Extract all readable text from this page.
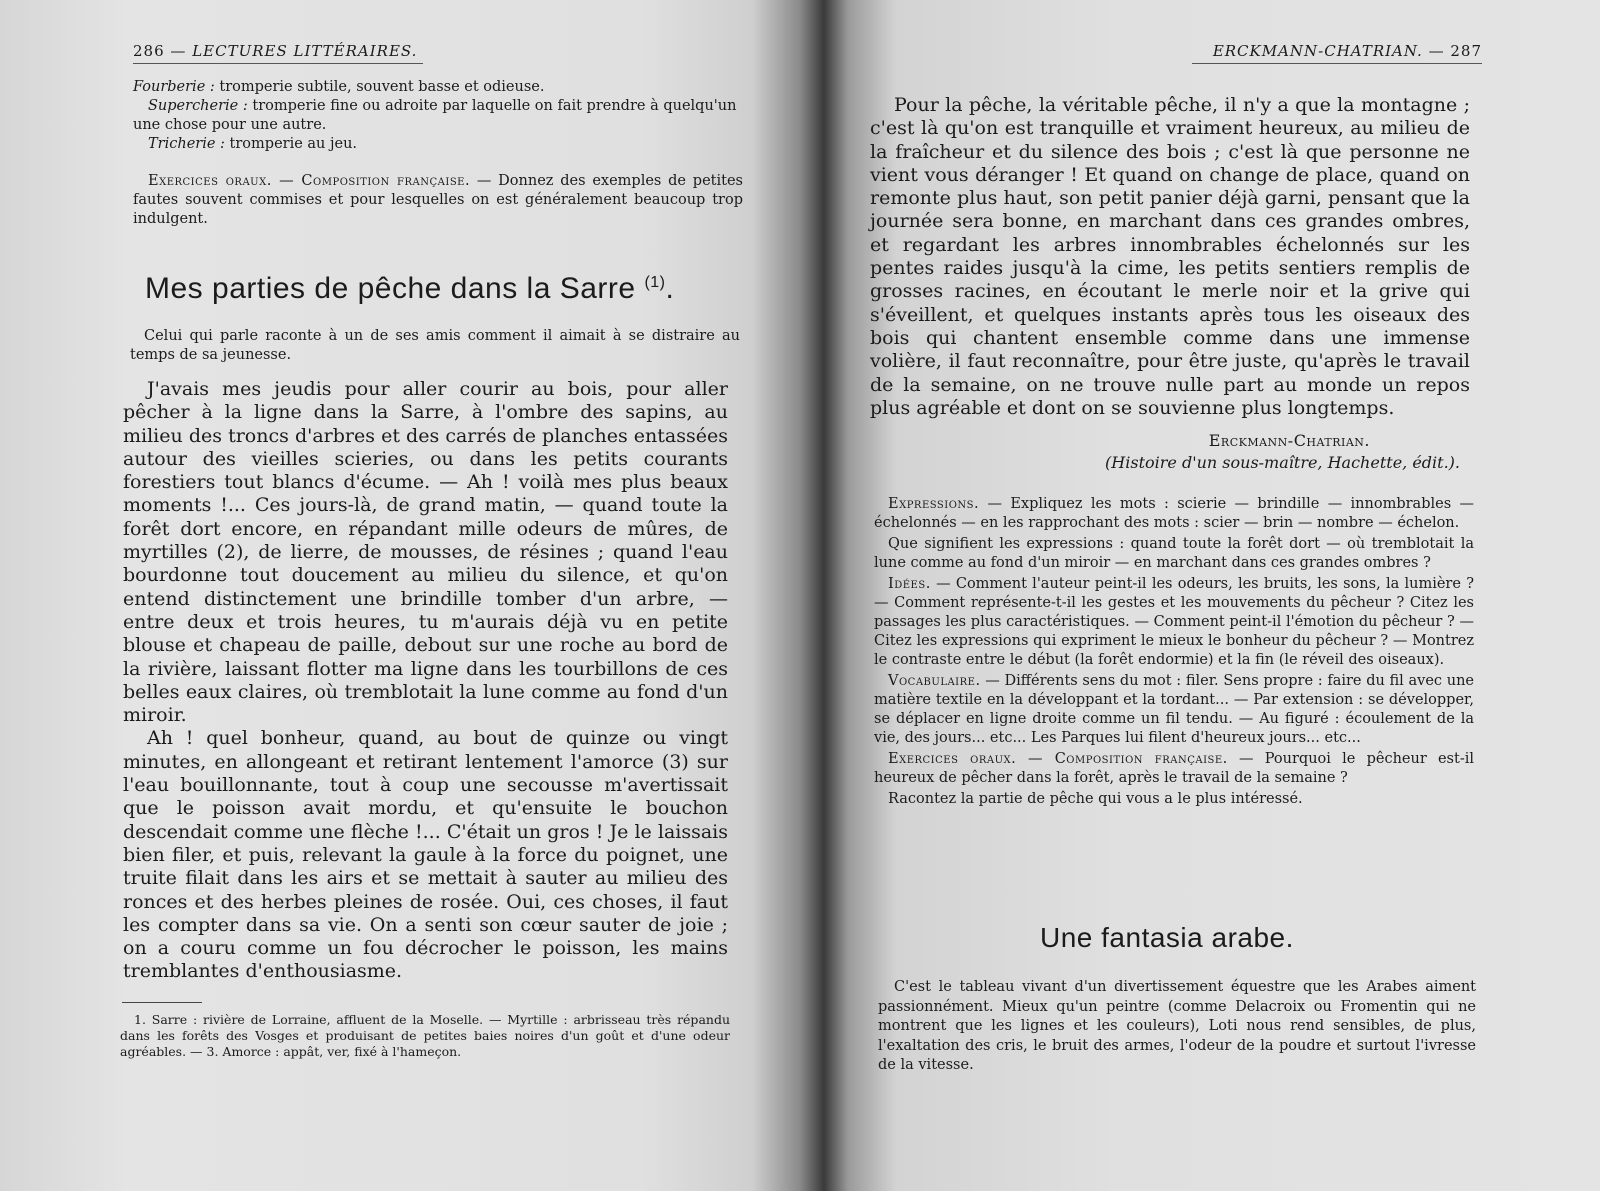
286 — LECTURES LITTÉRAIRES.

Fourberie : tromperie subtile, souvent basse et odieuse.

Supercherie : tromperie fine ou adroite par laquelle on fait prendre à quelqu'un une chose pour une autre.

Tricherie : tromperie au jeu.

Exercices oraux. — Composition française. — Donnez des exemples de petites fautes souvent commises et pour lesquelles on est généralement beaucoup trop indulgent.

Mes parties de pêche dans la Sarre $^{(1)}$.

Celui qui parle raconte à un de ses amis comment il aimait à se distraire au temps de sa jeunesse.

J'avais mes jeudis pour aller courir au bois, pour aller pêcher à la ligne dans la Sarre, à l'ombre des sapins, au milieu des troncs d'arbres et des carrés de planches entassées autour des vieilles scieries, ou dans les petits courants forestiers tout blancs d'écume. — Ah ! voilà mes plus beaux moments !... Ces jours-là, de grand matin, — quand toute la forêt dort encore, en répandant mille odeurs de mûres, de myrtilles (2), de lierre, de mousses, de résines ; quand l'eau bourdonne tout doucement au milieu du silence, et qu'on entend distinctement une brindille tomber d'un arbre, — entre deux et trois heures, tu m'aurais déjà vu en petite blouse et chapeau de paille, debout sur une roche au bord de la rivière, laissant flotter ma ligne dans les tourbillons de ces belles eaux claires, où tremblotait la lune comme au fond d'un miroir.

Ah ! quel bonheur, quand, au bout de quinze ou vingt minutes, en allongeant et retirant lentement l'amorce (3) sur l'eau bouillonnante, tout à coup une secousse m'avertissait que le poisson avait mordu, et qu'ensuite le bouchon descendait comme une flèche !... C'était un gros ! Je le laissais bien filer, et puis, relevant la gaule à la force du poignet, une truite filait dans les airs et se mettait à sauter au milieu des ronces et des herbes pleines de rosée. Oui, ces choses, il faut les compter dans sa vie. On a senti son cœur sauter de joie ; on a couru comme un fou décrocher le poisson, les mains tremblantes d'enthousiasme.

1. Sarre : rivière de Lorraine, affluent de la Moselle. — Myrtille : arbrisseau très répandu dans les forêts des Vosges et produisant de petites baies noires d'un goût et d'une odeur agréables. — 3. Amorce : appât, ver, fixé à l'hameçon.

ERCKMANN-CHATRIAN. — 287

Pour la pêche, la véritable pêche, il n'y a que la montagne ; c'est là qu'on est tranquille et vraiment heureux, au milieu de la fraîcheur et du silence des bois ; c'est là que personne ne vient vous déranger ! Et quand on change de place, quand on remonte plus haut, son petit panier déjà garni, pensant que la journée sera bonne, en marchant dans ces grandes ombres, et regardant les arbres innombrables échelonnés sur les pentes raides jusqu'à la cime, les petits sentiers remplis de grosses racines, en écoutant le merle noir et la grive qui s'éveillent, et quelques instants après tous les oiseaux des bois qui chantent ensemble comme dans une immense volière, il faut reconnaître, pour être juste, qu'après le travail de la semaine, on ne trouve nulle part au monde un repos plus agréable et dont on se souvienne plus longtemps.

Erckmann-Chatrian.
(Histoire d'un sous-maître, Hachette, édit.).

Expressions. — Expliquez les mots : scierie — brindille — innombrables — échelonnés — en les rapprochant des mots : scier — brin — nombre — échelon.

Que signifient les expressions : quand toute la forêt dort — où tremblotait la lune comme au fond d'un miroir — en marchant dans ces grandes ombres ?

Idées. — Comment l'auteur peint-il les odeurs, les bruits, les sons, la lumière ? — Comment représente-t-il les gestes et les mouvements du pêcheur ? Citez les passages les plus caractéristiques. — Comment peint-il l'émotion du pêcheur ? — Citez les expressions qui expriment le mieux le bonheur du pêcheur ? — Montrez le contraste entre le début (la forêt endormie) et la fin (le réveil des oiseaux).

Vocabulaire. — Différents sens du mot : filer. Sens propre : faire du fil avec une matière textile en la développant et la tordant... — Par extension : se développer, se déplacer en ligne droite comme un fil tendu. — Au figuré : écoulement de la vie, des jours... etc... Les Parques lui filent d'heureux jours... etc...

Exercices oraux. — Composition française. — Pourquoi le pêcheur est-il heureux de pêcher dans la forêt, après le travail de la semaine ?

Racontez la partie de pêche qui vous a le plus intéressé.

Une fantasia arabe.

C'est le tableau vivant d'un divertissement équestre que les Arabes aiment passionnément. Mieux qu'un peintre (comme Delacroix ou Fromentin qui ne montrent que les lignes et les couleurs), Loti nous rend sensibles, de plus, l'exaltation des cris, le bruit des armes, l'odeur de la poudre et surtout l'ivresse de la vitesse.
